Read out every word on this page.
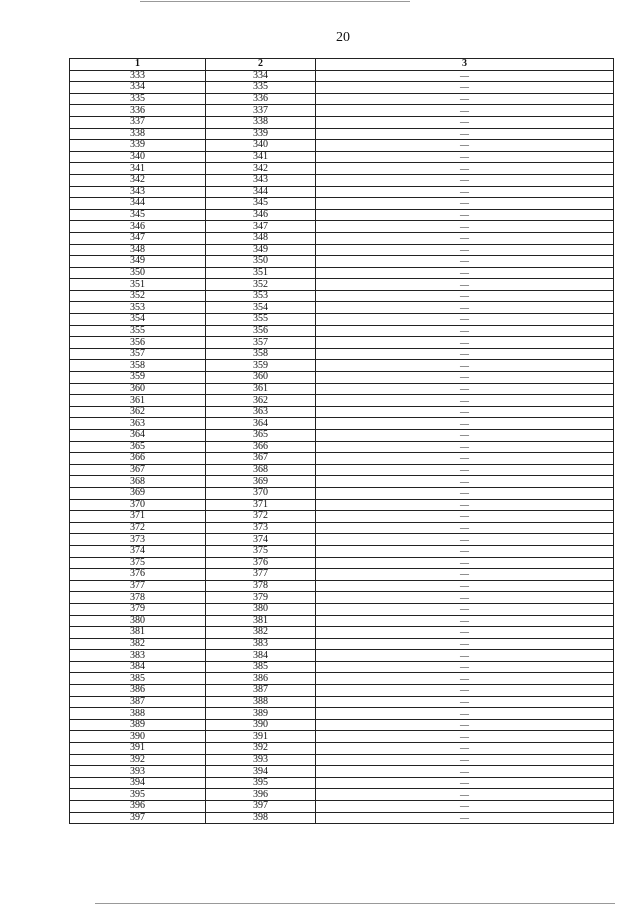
20
1	2	3
333	334	—
334	335	—
335	336	—
336	337	—
337	338	—
338	339	—
339	340	—
340	341	—
341	342	—
342	343	—
343	344	—
344	345	—
345	346	—
346	347	—
347	348	—
348	349	—
349	350	—
350	351	—
351	352	—
352	353	—
353	354	—
354	355	—
355	356	—
356	357	—
357	358	—
358	359	—
359	360	—
360	361	—
361	362	—
362	363	—
363	364	—
364	365	—
365	366	—
366	367	—
367	368	—
368	369	—
369	370	—
370	371	—
371	372	—
372	373	—
373	374	—
374	375	—
375	376	—
376	377	—
377	378	—
378	379	—
379	380	—
380	381	—
381	382	—
382	383	—
383	384	—
384	385	—
385	386	—
386	387	—
387	388	—
388	389	—
389	390	—
390	391	—
391	392	—
392	393	—
393	394	—
394	395	—
395	396	—
396	397	—
397	398	—
